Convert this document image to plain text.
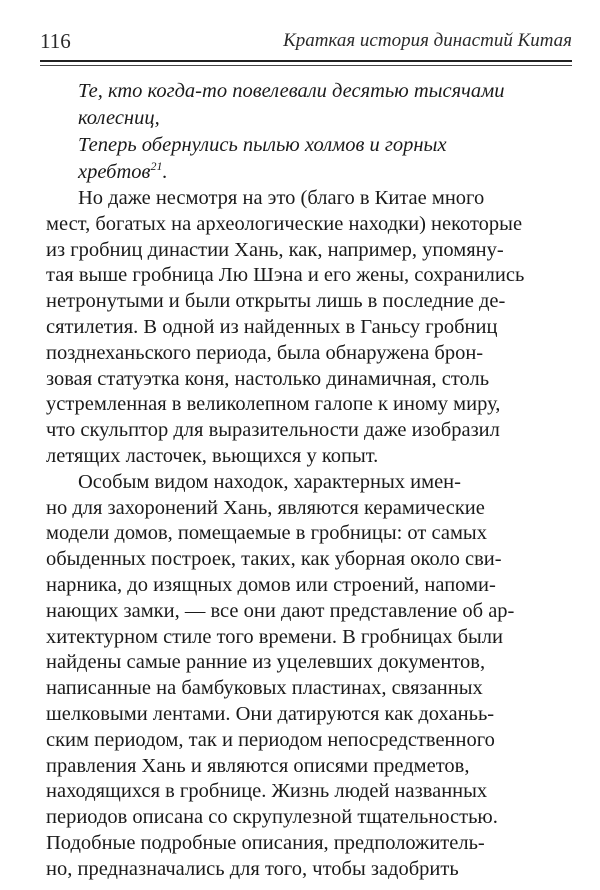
116	Краткая история династий Китая
Те, кто когда-то повелевали десятью тысячами
колесниц,
Теперь обернулись пылью холмов и горных
хребтов$^{21}$.
Но даже несмотря на это (благо в Китае много
мест, богатых на археологические находки) некоторые
из гробниц династии Хань, как, например, упомяну-
тая выше гробница Лю Шэна и его жены, сохранились
нетронутыми и были открыты лишь в последние де-
сятилетия. В одной из найденных в Ганьсу гробниц
позднеханьского периода, была обнаружена брон-
зовая статуэтка коня, настолько динамичная, столь
устремленная в великолепном галопе к иному миру,
что скульптор для выразительности даже изобразил
летящих ласточек, вьющихся у копыт.
Особым видом находок, характерных имен-
но для захоронений Хань, являются керамические
модели домов, помещаемые в гробницы: от самых
обыденных построек, таких, как уборная около сви-
нарника, до изящных домов или строений, напоми-
нающих замки, — все они дают представление об ар-
хитектурном стиле того времени. В гробницах были
найдены самые ранние из уцелевших документов,
написанные на бамбуковых пластинах, связанных
шелковыми лентами. Они датируются как доханьь-
ским периодом, так и периодом непосредственного
правления Хань и являются описями предметов,
находящихся в гробнице. Жизнь людей названных
периодов описана со скрупулезной тщательностью.
Подобные подробные описания, предположитель-
но, предназначались для того, чтобы задобрить
